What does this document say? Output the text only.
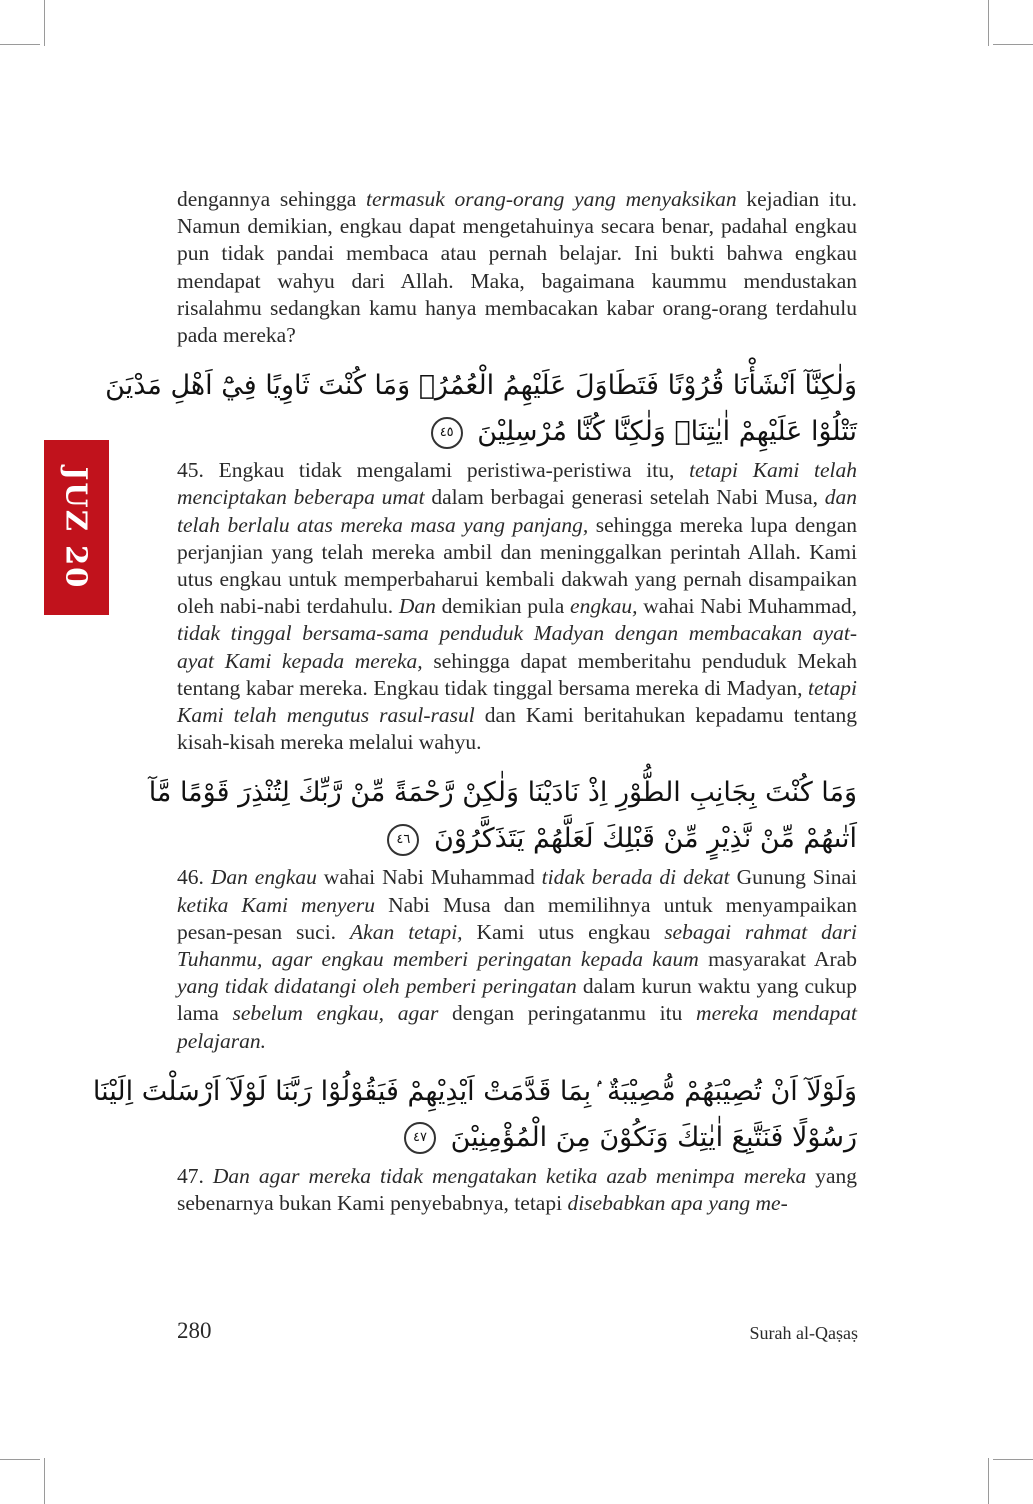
JUZ 20

dengannya sehingga termasuk orang-orang yang menyaksikan kejadian itu. Namun demikian, engkau dapat mengetahuinya secara benar, padahal engkau pun tidak pandai membaca atau pernah belajar. Ini bukti bahwa engkau mendapat wahyu dari Allah. Maka, bagaimana kaummu mendustakan risalahmu sedangkan kamu hanya membacakan kabar orang-orang terdahulu pada mereka?

وَلٰكِنَّآ اَنْشَأْنَا قُرُوْنًا فَتَطَاوَلَ عَلَيْهِمُ الْعُمُرُۚ وَمَا كُنْتَ ثَاوِيًا فِيْٓ اَهْلِ مَدْيَنَ
تَتْلُوْا عَلَيْهِمْ اٰيٰتِنَاۙ وَلٰكِنَّا كُنَّا مُرْسِلِيْنَ ٤٥

45. Engkau tidak mengalami peristiwa-peristiwa itu, tetapi Kami telah menciptakan beberapa umat dalam berbagai generasi setelah Nabi Musa, dan telah berlalu atas mereka masa yang panjang, sehingga mereka lupa dengan perjanjian yang telah mereka ambil dan meninggalkan perintah Allah. Kami utus engkau untuk memperbaharui kembali dakwah yang pernah disampaikan oleh nabi-nabi terdahulu. Dan demikian pula engkau, wahai Nabi Muhammad, tidak tinggal bersama-sama penduduk Madyan dengan membacakan ayat-ayat Kami kepada mereka, sehingga dapat memberitahu penduduk Mekah tentang kabar mereka. Engkau tidak tinggal bersama mereka di Madyan, tetapi Kami telah mengutus rasul-rasul dan Kami beritahukan kepadamu tentang kisah-kisah mereka melalui wahyu.

وَمَا كُنْتَ بِجَانِبِ الطُّوْرِ اِذْ نَادَيْنَا وَلٰكِنْ رَّحْمَةً مِّنْ رَّبِّكَ لِتُنْذِرَ قَوْمًا مَّآ
اَتٰىهُمْ مِّنْ نَّذِيْرٍ مِّنْ قَبْلِكَ لَعَلَّهُمْ يَتَذَكَّرُوْنَ ٤٦

46. Dan engkau wahai Nabi Muhammad tidak berada di dekat Gunung Sinai ketika Kami menyeru Nabi Musa dan memilihnya untuk menyampaikan pesan-pesan suci. Akan tetapi, Kami utus engkau sebagai rahmat dari Tuhanmu, agar engkau memberi peringatan kepada kaum masyarakat Arab yang tidak didatangi oleh pemberi peringatan dalam kurun waktu yang cukup lama sebelum engkau, agar dengan peringatanmu itu mereka mendapat pelajaran.

وَلَوْلَآ اَنْ تُصِيْبَهُمْ مُّصِيْبَةٌ ۢبِمَا قَدَّمَتْ اَيْدِيْهِمْ فَيَقُوْلُوْا رَبَّنَا لَوْلَآ اَرْسَلْتَ اِلَيْنَا
رَسُوْلًا فَنَتَّبِعَ اٰيٰتِكَ وَنَكُوْنَ مِنَ الْمُؤْمِنِيْنَ ٤٧

47. Dan agar mereka tidak mengatakan ketika azab menimpa mereka yang sebenarnya bukan Kami penyebabnya, tetapi disebabkan apa yang me-

280	Surah al-Qaṣaṣ
